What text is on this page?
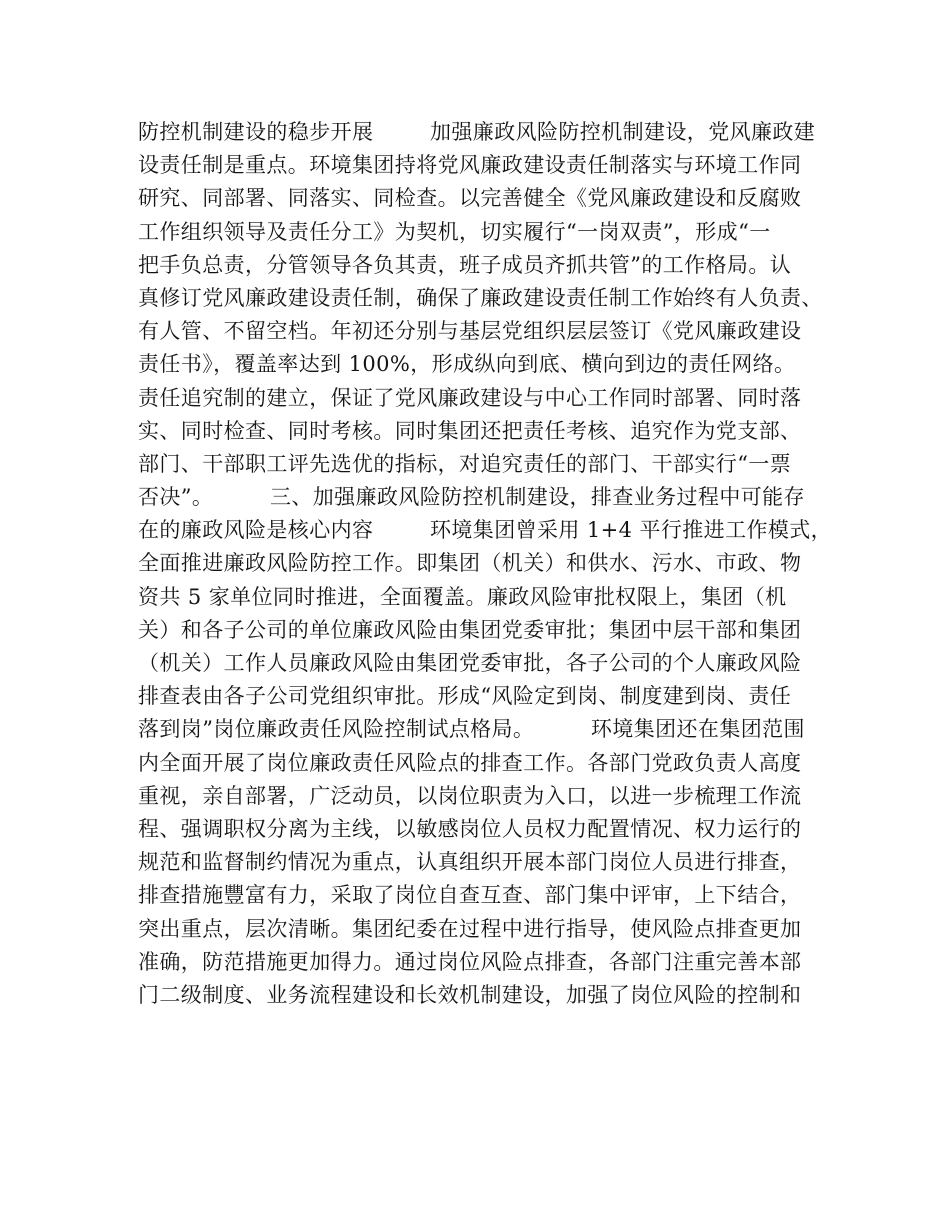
防控机制建设的稳步开展        加强廉政风险防控机制建设，党风廉政建
设责任制是重点。环境集团持将党风廉政建设责任制落实与环境工作同
研究、同部署、同落实、同检查。以完善健全《党风廉政建设和反腐败
工作组织领导及责任分工》为契机，切实履行“一岗双责”，形成“一
把手负总责，分管领导各负其责，班子成员齐抓共管”的工作格局。认
真修订党风廉政建设责任制，确保了廉政建设责任制工作始终有人负责、
有人管、不留空档。年初还分别与基层党组织层层签订《党风廉政建设
责任书》，覆盖率达到 100%，形成纵向到底、横向到边的责任网络。
责任追究制的建立，保证了党风廉政建设与中心工作同时部署、同时落
实、同时检查、同时考核。同时集团还把责任考核、追究作为党支部、
部门、干部职工评先选优的指标，对追究责任的部门、干部实行“一票
否决”。        三、加强廉政风险防控机制建设，排查业务过程中可能存
在的廉政风险是核心内容        环境集团曾采用 1+4 平行推进工作模式，
全面推进廉政风险防控工作。即集团（机关）和供水、污水、市政、物
资共 5 家单位同时推进，全面覆盖。廉政风险审批权限上，集团（机
关）和各子公司的单位廉政风险由集团党委审批；集团中层干部和集团
（机关）工作人员廉政风险由集团党委审批，各子公司的个人廉政风险
排查表由各子公司党组织审批。形成“风险定到岗、制度建到岗、责任
落到岗”岗位廉政责任风险控制试点格局。        环境集团还在集团范围
内全面开展了岗位廉政责任风险点的排查工作。各部门党政负责人高度
重视，亲自部署，广泛动员，以岗位职责为入口，以进一步梳理工作流
程、强调职权分离为主线，以敏感岗位人员权力配置情况、权力运行的
规范和监督制约情况为重点，认真组织开展本部门岗位人员进行排查，
排查措施豐富有力，采取了岗位自查互查、部门集中评审，上下结合，
突出重点，层次清晰。集团纪委在过程中进行指导，使风险点排查更加
准确，防范措施更加得力。通过岗位风险点排查，各部门注重完善本部
门二级制度、业务流程建设和长效机制建设，加强了岗位风险的控制和
